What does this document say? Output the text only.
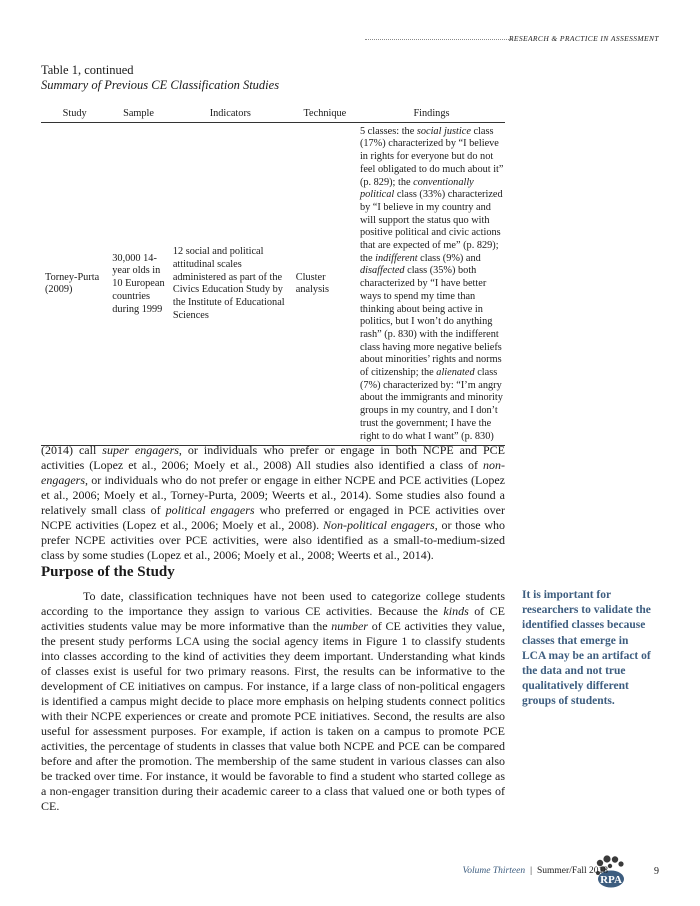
RESEARCH & PRACTICE IN ASSESSMENT
Table 1, continued
Summary of Previous CE Classification Studies
Study	Sample	Indicators	Technique	Findings
Torney-Purta (2009)	30,000 14-year olds in 10 European countries during 1999	12 social and political attitudinal scales administered as part of the Civics Education Study by the Institute of Educational Sciences	Cluster analysis	5 classes: the social justice class (17%) characterized by “I believe in rights for everyone but do not feel obligated to do much about it” (p. 829); the conventionally political class (33%) characterized by “I believe in my country and will support the status quo with positive political and civic actions that are expected of me” (p. 829); the indifferent class (9%) and disaffected class (35%) both characterized by “I have better ways to spend my time than thinking about being active in politics, but I won’t do anything rash” (p. 830) with the indifferent class having more negative beliefs about minorities’ rights and norms of citizenship; the alienated class (7%) characterized by: “I’m angry about the immigrants and minority groups in my country, and I don’t trust the government; I have the right to do what I want” (p. 830)

(2014) call super engagers, or individuals who prefer or engage in both NCPE and PCE activities (Lopez et al., 2006; Moely et al., 2008) All studies also identified a class of non-engagers, or individuals who do not prefer or engage in either NCPE and PCE activities (Lopez et al., 2006; Moely et al., Torney-Purta, 2009; Weerts et al., 2014). Some studies also found a relatively small class of political engagers who preferred or engaged in PCE activities over NCPE activities (Lopez et al., 2006; Moely et al., 2008). Non-political engagers, or those who prefer NCPE activities over PCE activities, were also identified as a small-to-medium-sized class by some studies (Lopez et al., 2006; Moely et al., 2008; Weerts et al., 2014).

Purpose of the Study

To date, classification techniques have not been used to categorize college students according to the importance they assign to various CE activities. Because the kinds of CE activities students value may be more informative than the number of CE activities they value, the present study performs LCA using the social agency items in Figure 1 to classify students into classes according to the kind of activities they deem important. Understanding what kinds of classes exist is useful for two primary reasons. First, the results can be informative to the development of CE initiatives on campus. For instance, if a large class of non-political engagers is identified a campus might decide to place more emphasis on helping students connect politics with their NCPE experiences or create and promote PCE initiatives. Second, the results are also useful for assessment purposes. For example, if action is taken on a campus to promote PCE activities, the percentage of students in classes that value both NCPE and PCE can be compared before and after the promotion. The membership of the same student in various classes can also be tracked over time. For instance, it would be favorable to find a student who started college as a non-engager transition during their academic career to a class that valued one or both types of CE.

It is important for researchers to validate the identified classes because classes that emerge in LCA may be an artifact of the data and not true qualitatively different groups of students.

RPA
Volume Thirteen | Summer/Fall 2018	9
